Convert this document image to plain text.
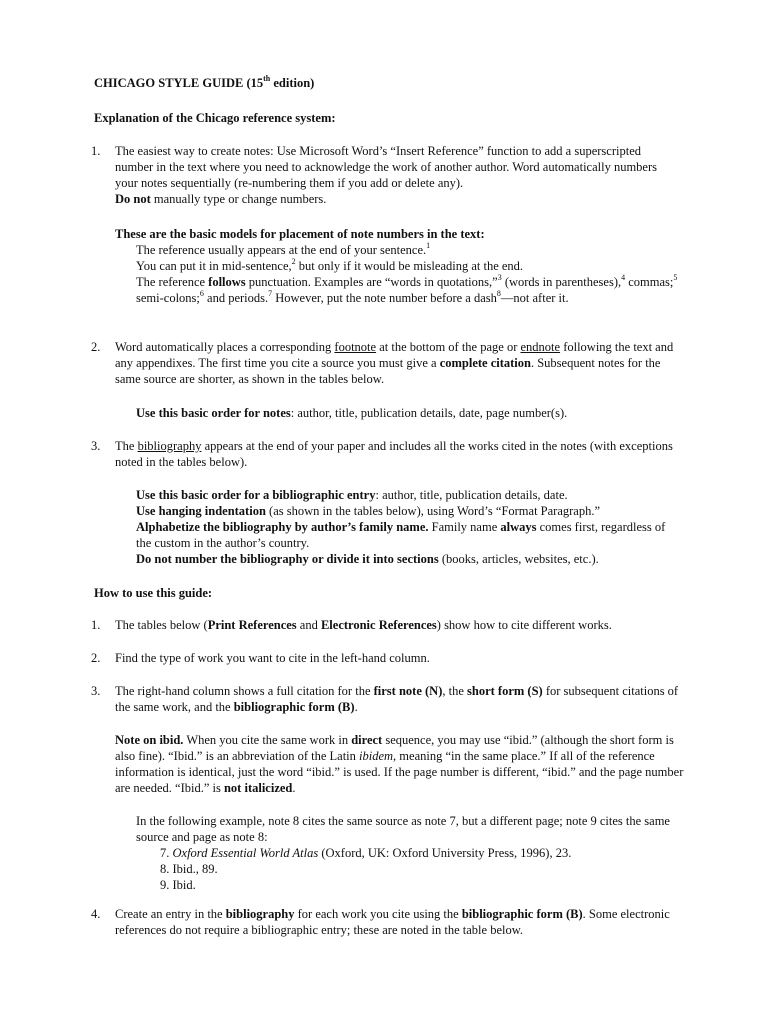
CHICAGO STYLE GUIDE (15th edition)
Explanation of the Chicago reference system:
1. The easiest way to create notes: Use Microsoft Word’s “Insert Reference” function to add a superscripted number in the text where you need to acknowledge the work of another author. Word automatically numbers your notes sequentially (re-numbering them if you add or delete any).
Do not manually type or change numbers.
These are the basic models for placement of note numbers in the text:
The reference usually appears at the end of your sentence.$^1$
You can put it in mid-sentence,$^2$ but only if it would be misleading at the end.
The reference follows punctuation. Examples are “words in quotations,”$^3$ (words in parentheses),$^4$ commas;$^5$ semi-colons;$^6$ and periods.$^7$ However, put the note number before a dash$^8$—not after it.
2. Word automatically places a corresponding footnote at the bottom of the page or endnote following the text and any appendixes. The first time you cite a source you must give a complete citation. Subsequent notes for the same source are shorter, as shown in the tables below.
Use this basic order for notes: author, title, publication details, date, page number(s).
3. The bibliography appears at the end of your paper and includes all the works cited in the notes (with exceptions noted in the tables below).
Use this basic order for a bibliographic entry: author, title, publication details, date.
Use hanging indentation (as shown in the tables below), using Word’s “Format Paragraph.”
Alphabetize the bibliography by author’s family name. Family name always comes first, regardless of the custom in the author’s country.
Do not number the bibliography or divide it into sections (books, articles, websites, etc.).
How to use this guide:
1. The tables below (Print References and Electronic References) show how to cite different works.
2. Find the type of work you want to cite in the left-hand column.
3. The right-hand column shows a full citation for the first note (N), the short form (S) for subsequent citations of the same work, and the bibliographic form (B).
Note on ibid. When you cite the same work in direct sequence, you may use “ibid.” (although the short form is also fine). “Ibid.” is an abbreviation of the Latin ibidem, meaning “in the same place.” If all of the reference information is identical, just the word “ibid.” is used. If the page number is different, “ibid.” and the page number are needed. “Ibid.” is not italicized.
In the following example, note 8 cites the same source as note 7, but a different page; note 9 cites the same source and page as note 8:
7. Oxford Essential World Atlas (Oxford, UK: Oxford University Press, 1996), 23.
8. Ibid., 89.
9. Ibid.
4. Create an entry in the bibliography for each work you cite using the bibliographic form (B). Some electronic references do not require a bibliographic entry; these are noted in the table below.
